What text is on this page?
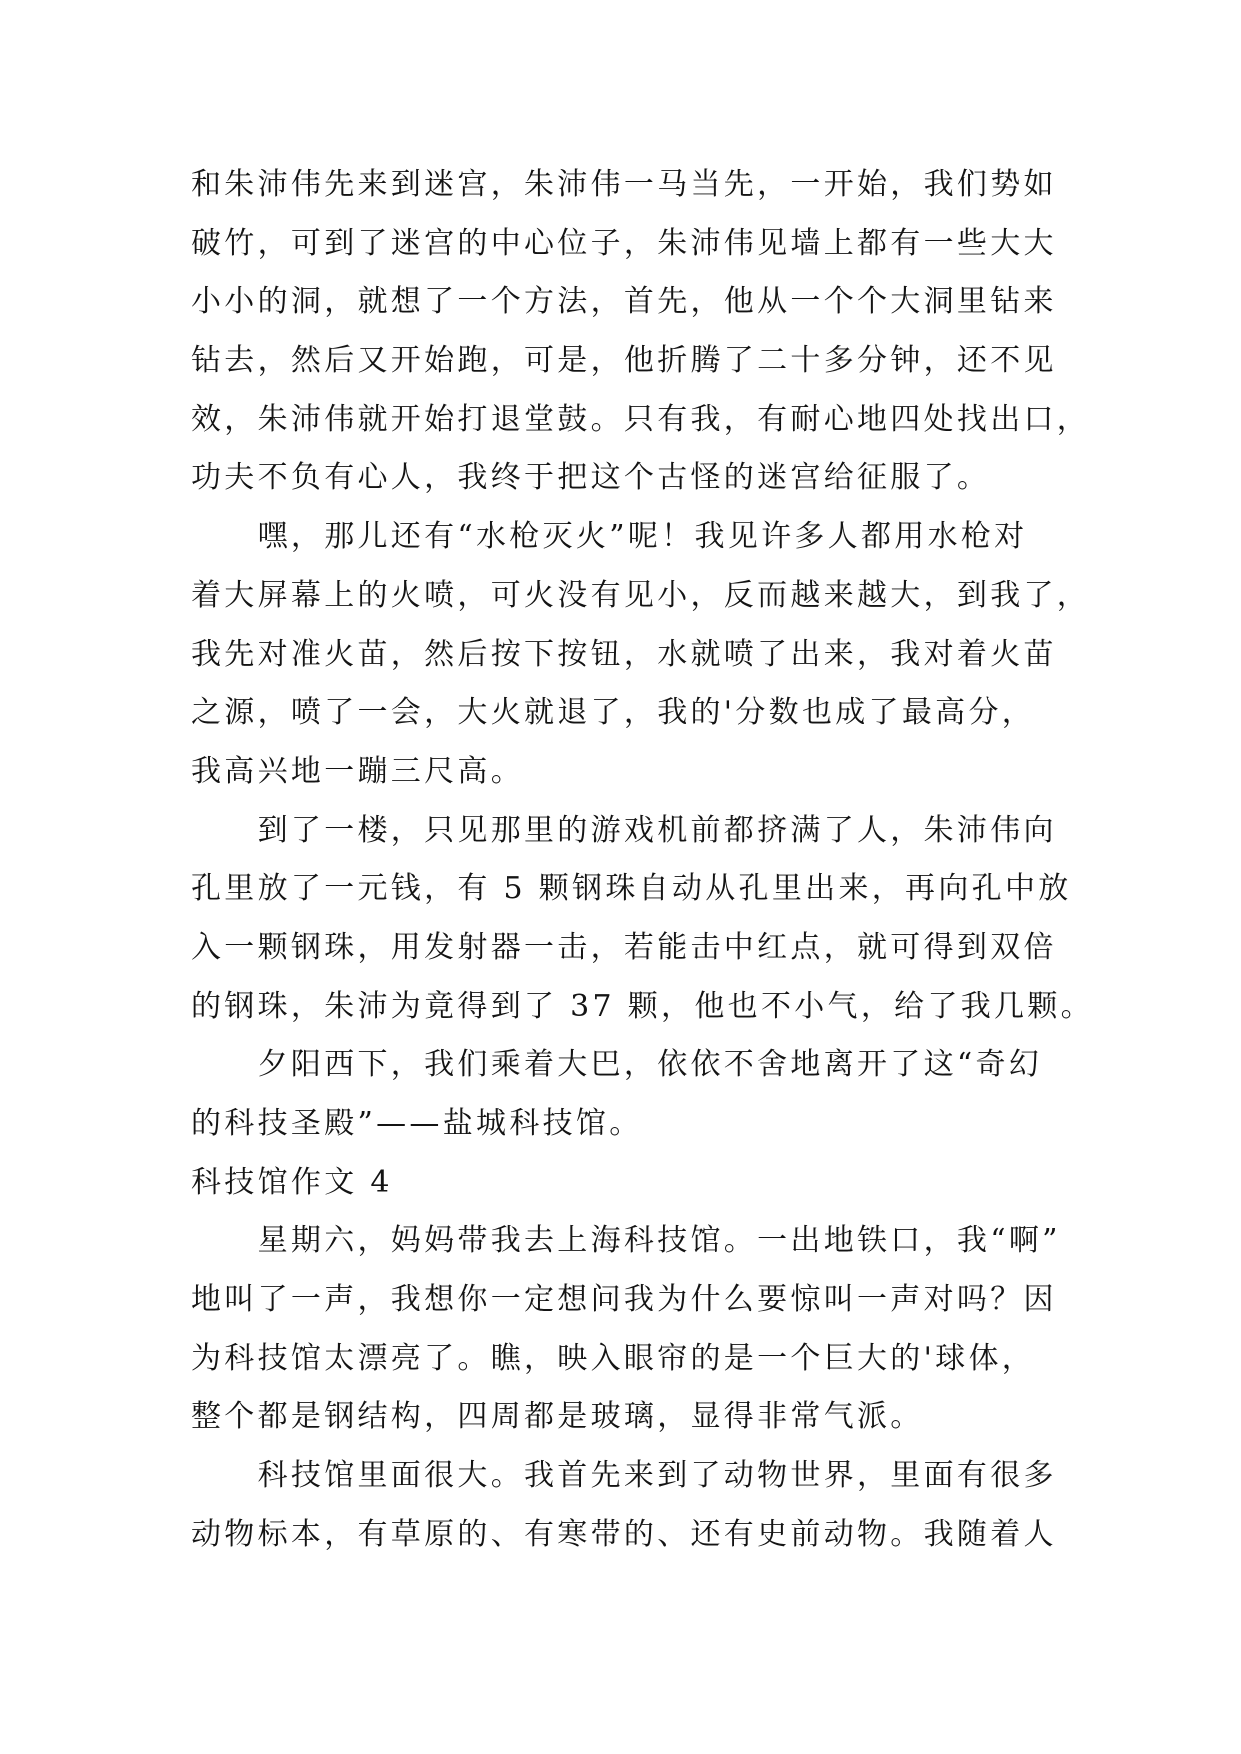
和朱沛伟先来到迷宫，朱沛伟一马当先，一开始，我们势如
破竹，可到了迷宫的中心位子，朱沛伟见墙上都有一些大大
小小的洞，就想了一个方法，首先，他从一个个大洞里钻来
钻去，然后又开始跑，可是，他折腾了二十多分钟，还不见
效，朱沛伟就开始打退堂鼓。只有我，有耐心地四处找出口，
功夫不负有心人，我终于把这个古怪的迷宫给征服了。
嘿，那儿还有“水枪灭火”呢！我见许多人都用水枪对
着大屏幕上的火喷，可火没有见小，反而越来越大，到我了，
我先对准火苗，然后按下按钮，水就喷了出来，我对着火苗
之源，喷了一会，大火就退了，我的'分数也成了最高分，
我高兴地一蹦三尺高。
到了一楼，只见那里的游戏机前都挤满了人，朱沛伟向
孔里放了一元钱，有 5 颗钢珠自动从孔里出来，再向孔中放
入一颗钢珠，用发射器一击，若能击中红点，就可得到双倍
的钢珠，朱沛为竟得到了 37 颗，他也不小气，给了我几颗。
夕阳西下，我们乘着大巴，依依不舍地离开了这“奇幻
的科技圣殿”——盐城科技馆。
科技馆作文 4
星期六，妈妈带我去上海科技馆。一出地铁口，我“啊”
地叫了一声，我想你一定想问我为什么要惊叫一声对吗？因
为科技馆太漂亮了。瞧，映入眼帘的是一个巨大的'球体，
整个都是钢结构，四周都是玻璃，显得非常气派。
科技馆里面很大。我首先来到了动物世界，里面有很多
动物标本，有草原的、有寒带的、还有史前动物。我随着人
